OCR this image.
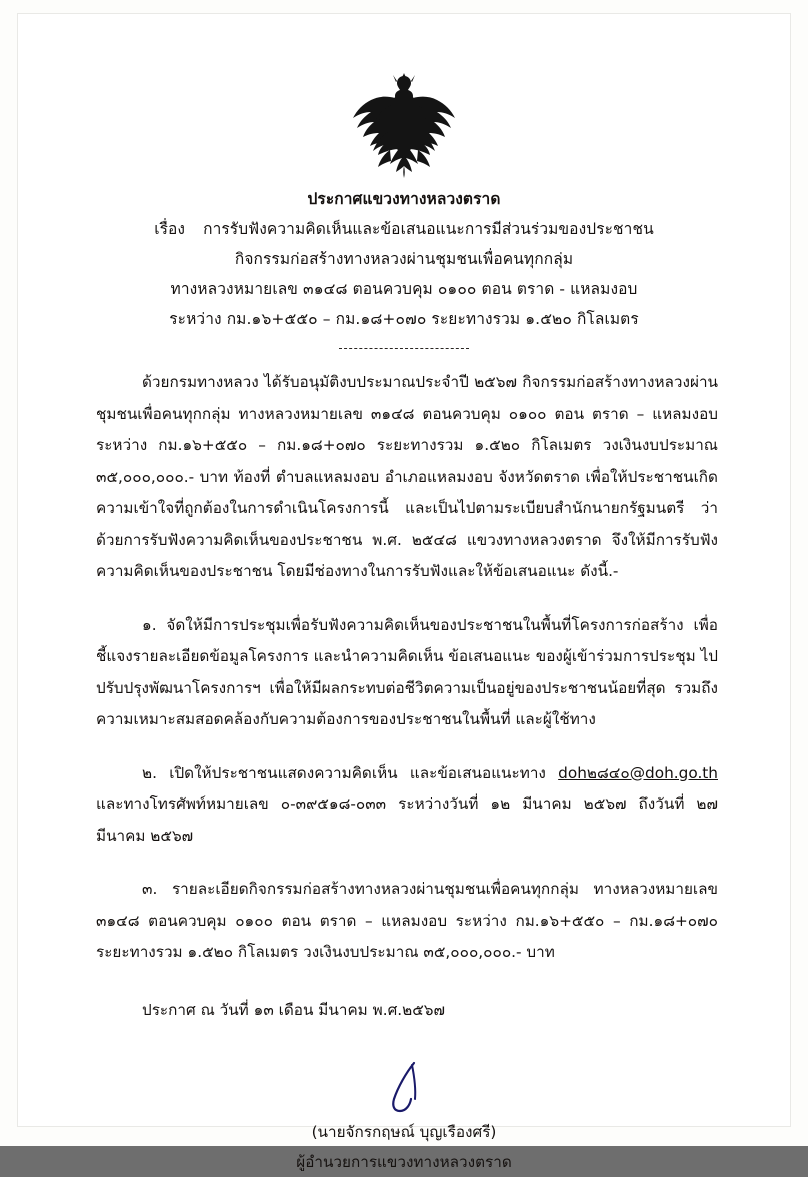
ประกาศแขวงทางหลวงตราด
เรื่อง การรับฟังความคิดเห็นและข้อเสนอแนะการมีส่วนร่วมของประชาชน
กิจกรรมก่อสร้างทางหลวงผ่านชุมชนเพื่อคนทุกกลุ่ม
ทางหลวงหมายเลข ๓๑๔๘ ตอนควบคุม ๐๑๐๐ ตอน ตราด - แหลมงอบ
ระหว่าง กม.๑๖+๕๕๐ – กม.๑๘+๐๗๐ ระยะทางรวม ๑.๕๒๐ กิโลเมตร

ด้วยกรมทางหลวง ได้รับอนุมัติงบประมาณประจำปี ๒๕๖๗ กิจกรรมก่อสร้างทางหลวงผ่านชุมชนเพื่อคนทุกกลุ่ม ทางหลวงหมายเลข ๓๑๔๘ ตอนควบคุม ๐๑๐๐ ตอน ตราด – แหลมงอบ ระหว่าง กม.๑๖+๕๕๐ – กม.๑๘+๐๗๐ ระยะทางรวม ๑.๕๒๐ กิโลเมตร วงเงินงบประมาณ ๓๕,๐๐๐,๐๐๐.- บาท ท้องที่ ตำบลแหลมงอบ อำเภอแหลมงอบ จังหวัดตราด เพื่อให้ประชาชนเกิดความเข้าใจที่ถูกต้องในการดำเนินโครงการนี้ และเป็นไปตามระเบียบสำนักนายกรัฐมนตรี ว่าด้วยการรับฟังความคิดเห็นของประชาชน พ.ศ. ๒๕๔๘ แขวงทางหลวงตราด จึงให้มีการรับฟังความคิดเห็นของประชาชน โดยมีช่องทางในการรับฟังและให้ข้อเสนอแนะ ดังนี้.-

๑. จัดให้มีการประชุมเพื่อรับฟังความคิดเห็นของประชาชนในพื้นที่โครงการก่อสร้าง เพื่อชี้แจงรายละเอียดข้อมูลโครงการ และนำความคิดเห็น ข้อเสนอแนะ ของผู้เข้าร่วมการประชุม ไปปรับปรุงพัฒนาโครงการฯ เพื่อให้มีผลกระทบต่อชีวิตความเป็นอยู่ของประชาชนน้อยที่สุด รวมถึงความเหมาะสมสอดคล้องกับความต้องการของประชาชนในพื้นที่ และผู้ใช้ทาง

๒. เปิดให้ประชาชนแสดงความคิดเห็น และข้อเสนอแนะทาง doh๒๘๔๐@doh.go.th และทางโทรศัพท์หมายเลข ๐-๓๙๕๑๘-๐๓๓ ระหว่างวันที่ ๑๒ มีนาคม ๒๕๖๗ ถึงวันที่ ๒๗ มีนาคม ๒๕๖๗

๓. รายละเอียดกิจกรรมก่อสร้างทางหลวงผ่านชุมชนเพื่อคนทุกกลุ่ม ทางหลวงหมายเลข ๓๑๔๘ ตอนควบคุม ๐๑๐๐ ตอน ตราด – แหลมงอบ ระหว่าง กม.๑๖+๕๕๐ – กม.๑๘+๐๗๐ ระยะทางรวม ๑.๕๒๐ กิโลเมตร วงเงินงบประมาณ ๓๕,๐๐๐,๐๐๐.- บาท

ประกาศ ณ วันที่ ๑๓ เดือน มีนาคม พ.ศ.๒๕๖๗
(นายจักรกฤษณ์ บุญเรืองศรี)
ผู้อำนวยการแขวงทางหลวงตราด
